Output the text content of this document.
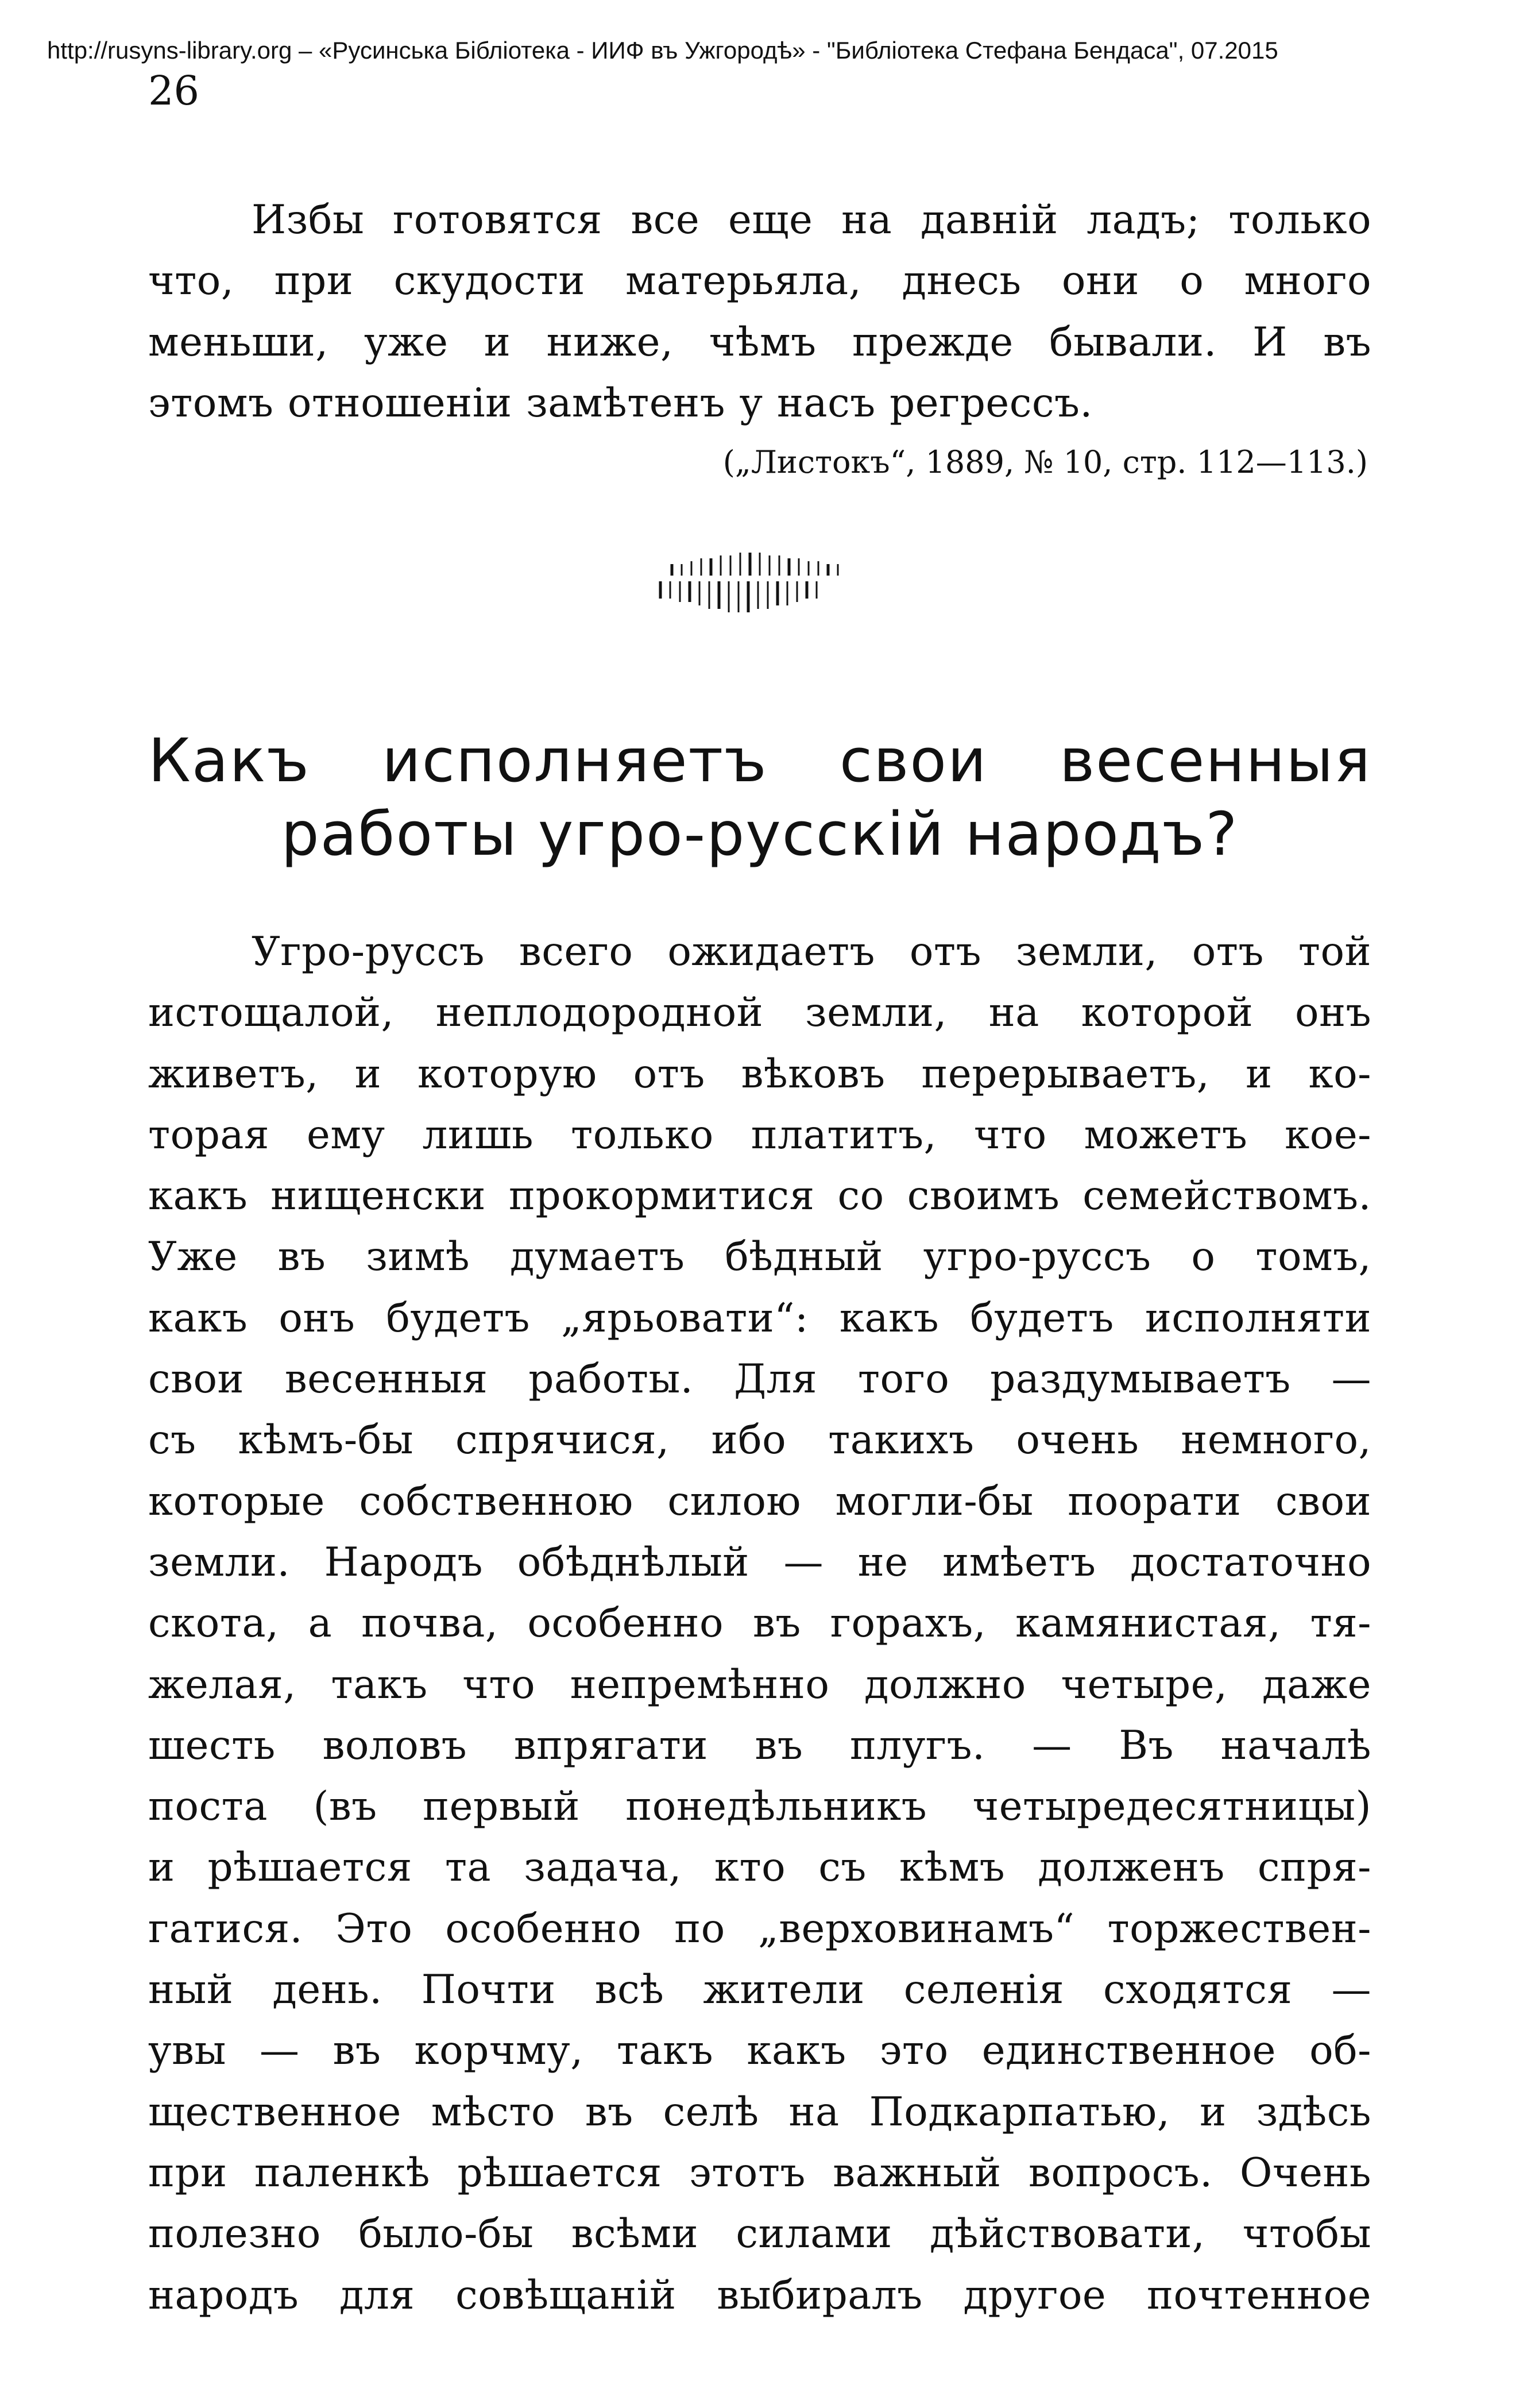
http://rusyns-library.org – «Русинська Бібліотека - ИИФ въ Ужгородѣ» - "Библіотека Стефана Бендаса", 07.2015
26
Избы готовятся все еще на давній ладъ; только
что, при скудости матерьяла, днесь они о много
меньши, уже и ниже, чѣмъ прежде бывали. И въ
этомъ отношеніи замѣтенъ у насъ регрессъ.
(„Листокъ“, 1889, № 10, стр. 112—113.)
Какъ исполняетъ свои весенныя
работы угро-русскій народъ?
Угро-руссъ всего ожидаетъ отъ земли, отъ той
истощалой, неплодородной земли, на которой онъ
живетъ, и которую отъ вѣковъ перерываетъ, и ко-
торая ему лишь только платитъ, что можетъ кое-
какъ нищенски прокормитися со своимъ семействомъ.
Уже въ зимѣ думаетъ бѣдный угро-руссъ о томъ,
какъ онъ будетъ „ярьовати“: какъ будетъ исполняти
свои весенныя работы. Для того раздумываетъ —
съ кѣмъ-бы спрячися, ибо такихъ очень немного,
которые собственною силою могли-бы поорати свои
земли. Народъ обѣднѣлый — не имѣетъ достаточно
скота, а почва, особенно въ горахъ, камянистая, тя-
желая, такъ что непремѣнно должно четыре, даже
шесть воловъ впрягати въ плугъ. — Въ началѣ
поста (въ первый понедѣльникъ четыредесятницы)
и рѣшается та задача, кто съ кѣмъ долженъ спря-
гатися. Это особенно по „верховинамъ“ торжествен-
ный день. Почти всѣ жители селенія сходятся —
увы — въ корчму, такъ какъ это единственное об-
щественное мѣсто въ селѣ на Подкарпатью, и здѣсь
при паленкѣ рѣшается этотъ важный вопросъ. Очень
полезно было-бы всѣми силами дѣйствовати, чтобы
народъ для совѣщаній выбиралъ другое почтенное
